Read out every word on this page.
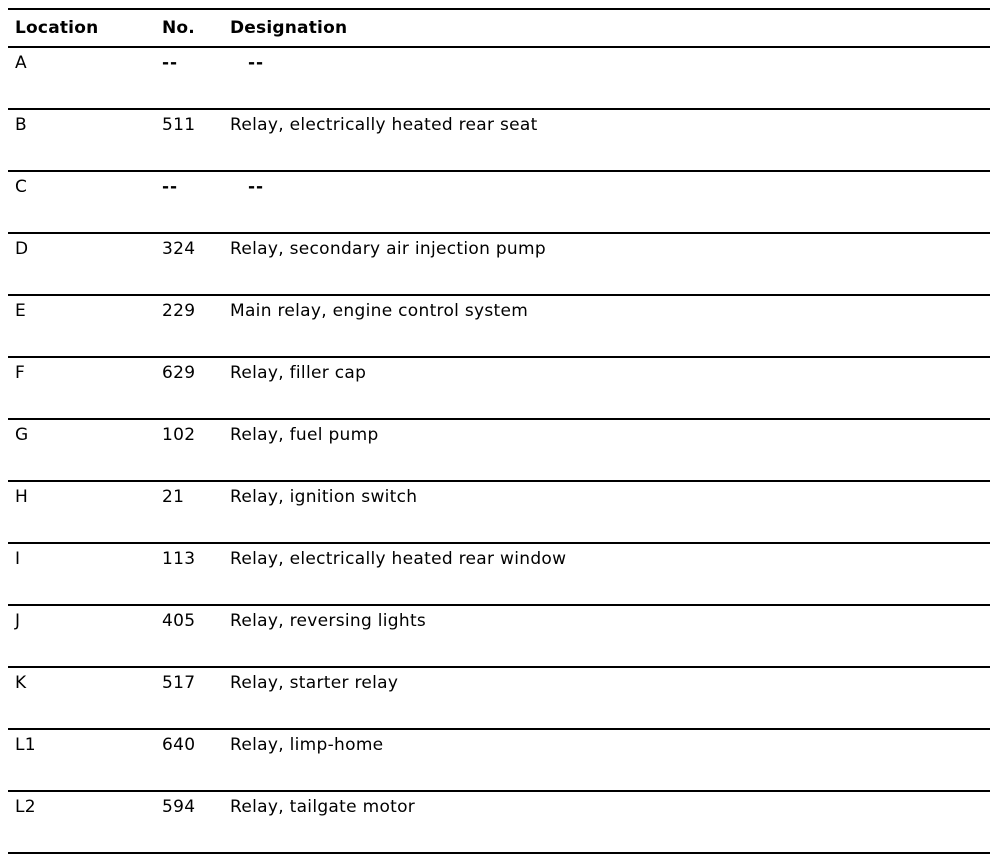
Location	No.	Designation
A	--	--
B	511	Relay, electrically heated rear seat
C	--	--
D	324	Relay, secondary air injection pump
E	229	Main relay, engine control system
F	629	Relay, filler cap
G	102	Relay, fuel pump
H	21	Relay, ignition switch
I	113	Relay, electrically heated rear window
J	405	Relay, reversing lights
K	517	Relay, starter relay
L1	640	Relay, limp-home
L2	594	Relay, tailgate motor
